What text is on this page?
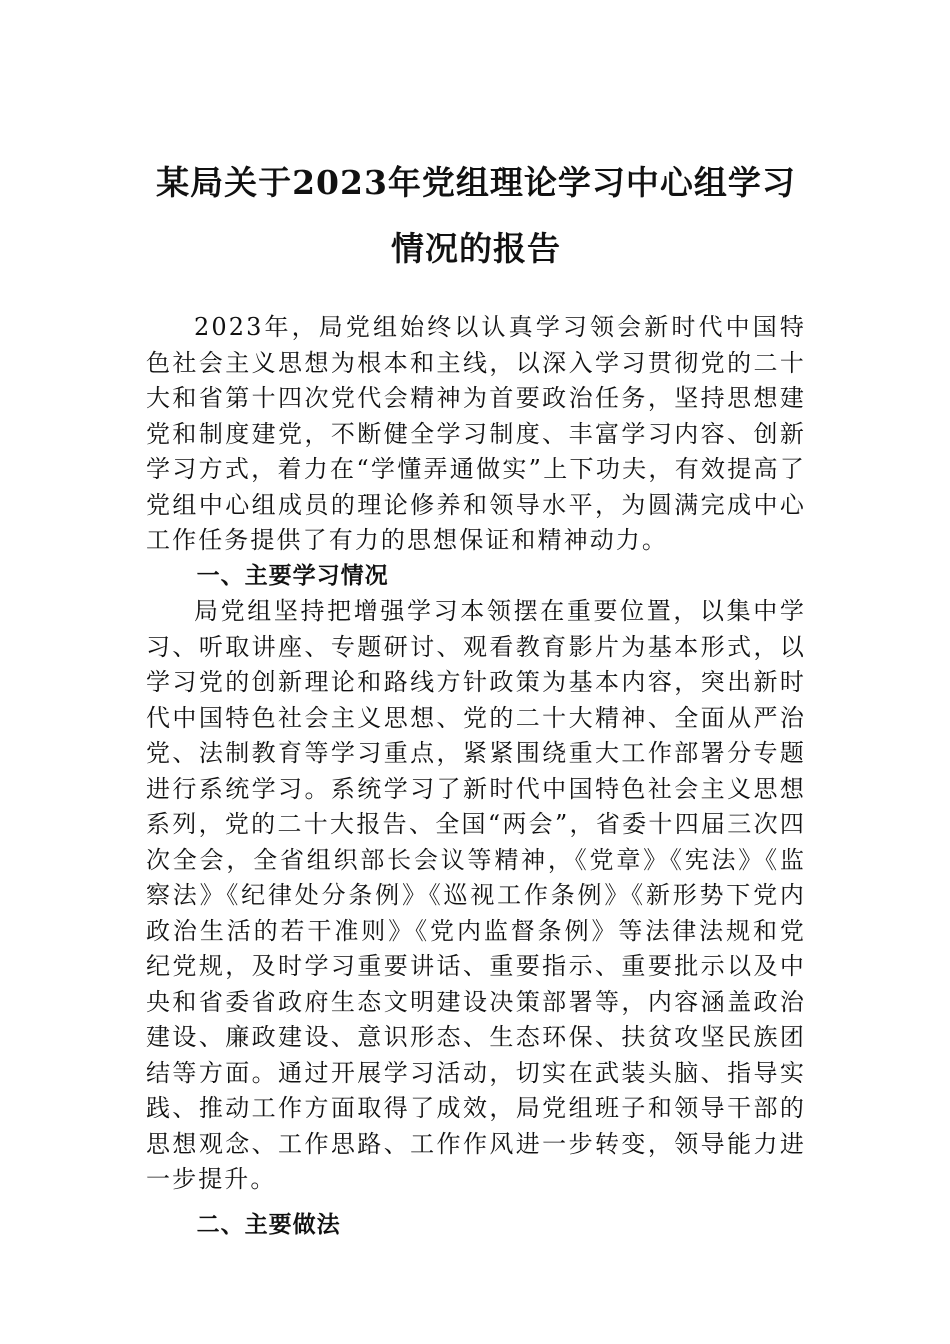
某局关于2023年党组理论学习中心组学习
情况的报告

2023年，局党组始终以认真学习领会新时代中国特色社会主义思想为根本和主线，以深入学习贯彻党的二十大和省第十四次党代会精神为首要政治任务，坚持思想建党和制度建党，不断健全学习制度、丰富学习内容、创新学习方式，着力在“学懂弄通做实”上下功夫，有效提高了党组中心组成员的理论修养和领导水平，为圆满完成中心工作任务提供了有力的思想保证和精神动力。

一、主要学习情况

局党组坚持把增强学习本领摆在重要位置，以集中学习、听取讲座、专题研讨、观看教育影片为基本形式，以学习党的创新理论和路线方针政策为基本内容，突出新时代中国特色社会主义思想、党的二十大精神、全面从严治党、法制教育等学习重点，紧紧围绕重大工作部署分专题进行系统学习。系统学习了新时代中国特色社会主义思想系列，党的二十大报告、全国“两会”，省委十四届三次四次全会，全省组织部长会议等精神，《党章》《宪法》《监察法》《纪律处分条例》《巡视工作条例》《新形势下党内政治生活的若干准则》《党内监督条例》等法律法规和党纪党规，及时学习重要讲话、重要指示、重要批示以及中央和省委省政府生态文明建设决策部署等，内容涵盖政治建设、廉政建设、意识形态、生态环保、扶贫攻坚民族团结等方面。通过开展学习活动，切实在武装头脑、指导实践、推动工作方面取得了成效，局党组班子和领导干部的思想观念、工作思路、工作作风进一步转变，领导能力进一步提升。

二、主要做法
